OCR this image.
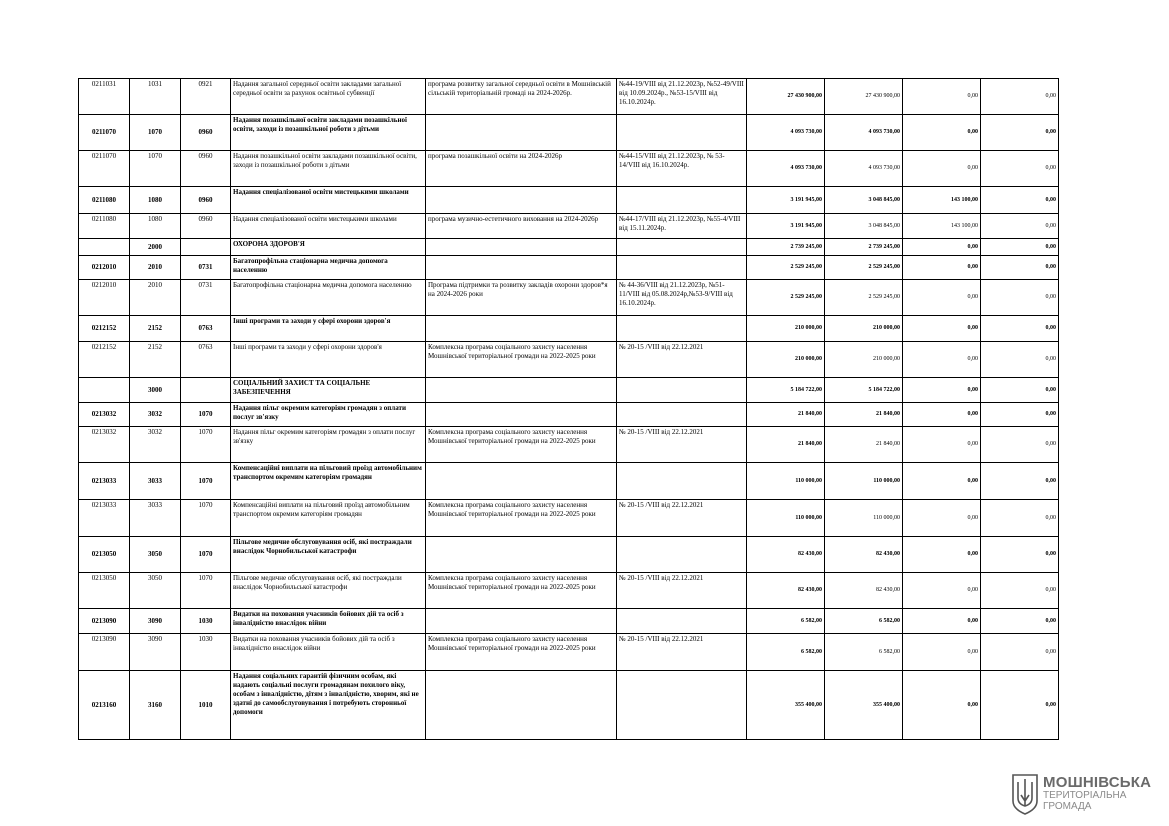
0211031	1031	0921	Надання загальної середньої освіти закладами загальної середньої освіти за рахунок освітньої субвенції	програма розвитку загальної середньої освіти в Мошнівській сільській територіальній громаді на 2024-2026р.	№44-19/VIII від 21.12.2023р, №52-49/VIII від 10.09.2024р., №53-15/VIII від 16.10.2024р.	27 430 900,00	27 430 900,00	0,00	0,00
0211070	1070	0960	Надання позашкільної освіти закладами позашкільної освіти, заходи із позашкільної роботи з дітьми			4 093 730,00	4 093 730,00	0,00	0,00
0211070	1070	0960	Надання позашкільної освіти закладами позашкільної освіти, заходи із позашкільної роботи з дітьми	програма позашкільної освіти на 2024-2026р	№44-15/VIII від 21.12.2023р, № 53-14/VIII від 16.10.2024р.	4 093 730,00	4 093 730,00	0,00	0,00
0211080	1080	0960	Надання спеціалізованої освіти мистецькими школами			3 191 945,00	3 048 845,00	143 100,00	0,00
0211080	1080	0960	Надання спеціалізованої освіти мистецькими школами	програма музично-естетичного виховання на 2024-2026р	№44-17/VIII від 21.12.2023р, №55-4/VIII від 15.11.2024р.	3 191 945,00	3 048 845,00	143 100,00	0,00
	2000		ОХОРОНА ЗДОРОВ'Я			2 739 245,00	2 739 245,00	0,00	0,00
0212010	2010	0731	Багатопрофільна стаціонарна медична допомога населенню			2 529 245,00	2 529 245,00	0,00	0,00
0212010	2010	0731	Багатопрофільна стаціонарна медична допомога населенню	Програма підтримки та розвитку закладів охорони здоров*я на 2024-2026 роки	№ 44-36/VIII від 21.12.2023р, №51-11/VIII від 05.08.2024р,№53-9/VIII від 16.10.2024р.	2 529 245,00	2 529 245,00	0,00	0,00
0212152	2152	0763	Інші програми та заходи у сфері охорони здоров'я			210 000,00	210 000,00	0,00	0,00
0212152	2152	0763	Інші програми та заходи у сфері охорони здоров'я	Комплексна програма соціального захисту населення Мошнівської територіальної громади на 2022-2025 роки	№ 20-15 /VIII від 22.12.2021	210 000,00	210 000,00	0,00	0,00
	3000		СОЦІАЛЬНИЙ ЗАХИСТ ТА СОЦІАЛЬНЕ ЗАБЕЗПЕЧЕННЯ			5 184 722,00	5 184 722,00	0,00	0,00
0213032	3032	1070	Надання пільг окремим категоріям громадян з оплати послуг зв'язку			21 840,00	21 840,00	0,00	0,00
0213032	3032	1070	Надання пільг окремим категоріям громадян з оплати послуг зв'язку	Комплексна програма соціального захисту населення Мошнівської територіальної громади на 2022-2025 роки	№ 20-15 /VIII від 22.12.2021	21 840,00	21 840,00	0,00	0,00
0213033	3033	1070	Компенсаційні виплати на пільговий проїзд автомобільним транспортом окремим категоріям громадян			110 000,00	110 000,00	0,00	0,00
0213033	3033	1070	Компенсаційні виплати на пільговий проїзд автомобільним транспортом окремим категоріям громадян	Комплексна програма соціального захисту населення Мошнівської територіальної громади на 2022-2025 роки	№ 20-15 /VIII від 22.12.2021	110 000,00	110 000,00	0,00	0,00
0213050	3050	1070	Пільгове медичне обслуговування осіб, які постраждали внаслідок Чорнобильської катастрофи			82 430,00	82 430,00	0,00	0,00
0213050	3050	1070	Пільгове медичне обслуговування осіб, які постраждали внаслідок Чорнобильської катастрофи	Комплексна програма соціального захисту населення Мошнівської територіальної громади на 2022-2025 роки	№ 20-15 /VIII від 22.12.2021	82 430,00	82 430,00	0,00	0,00
0213090	3090	1030	Видатки на поховання учасників бойових дій та осіб з інвалідністю внаслідок війни			6 582,00	6 582,00	0,00	0,00
0213090	3090	1030	Видатки на поховання учасників бойових дій та осіб з інвалідністю внаслідок війни	Комплексна програма соціального захисту населення Мошнівської територіальної громади на 2022-2025 роки	№ 20-15 /VIII від 22.12.2021	6 582,00	6 582,00	0,00	0,00
0213160	3160	1010	Надання соціальних гарантій фізичним особам, які надають соціальні послуги громадянам похилого віку, особам з інвалідністю, дітям з інвалідністю, хворим, які не здатні до самообслуговування і потребують сторонньої допомоги			355 400,00	355 400,00	0,00	0,00
МОШНІВСЬКА
ТЕРИТОРІАЛЬНА
ГРОМАДА
